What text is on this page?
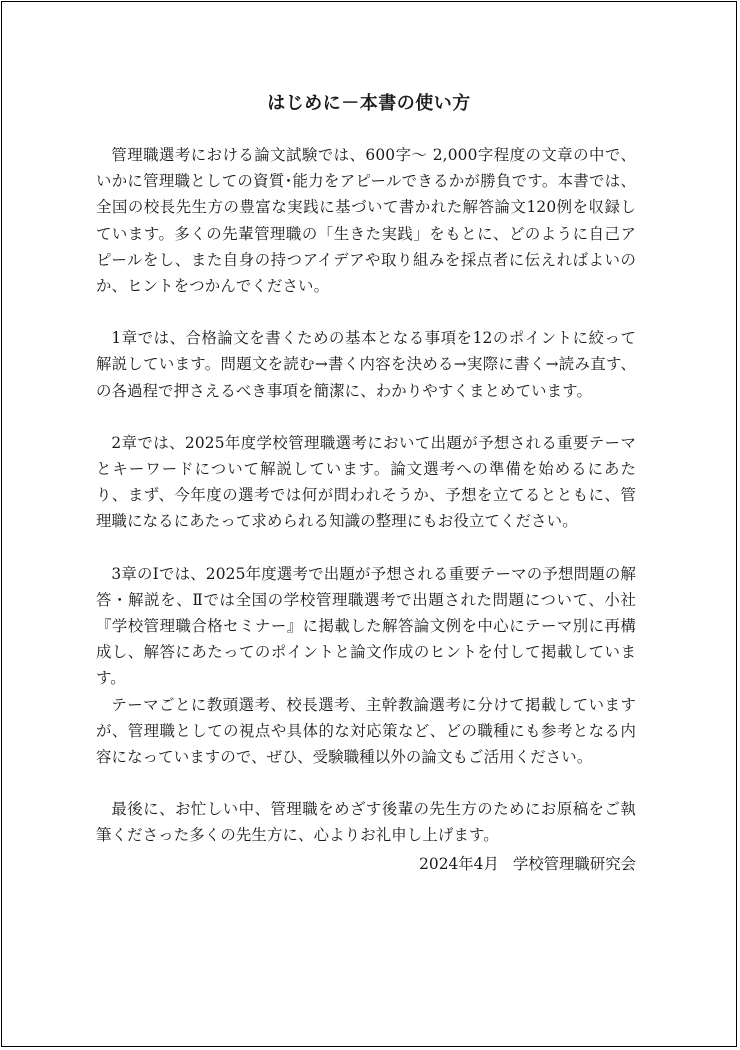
はじめに－本書の使い方

管理職選考における論文試験では、600字～ 2,000字程度の文章の中で、いかに管理職としての資質･能力をアピールできるかが勝負です。本書では、全国の校長先生方の豊富な実践に基づいて書かれた解答論文120例を収録しています。多くの先輩管理職の「生きた実践」をもとに、どのように自己アピールをし、また自身の持つアイデアや取り組みを採点者に伝えればよいのか、ヒントをつかんでください。

1章では、合格論文を書くための基本となる事項を12のポイントに絞って解説しています。問題文を読む→書く内容を決める→実際に書く→読み直す、の各過程で押さえるべき事項を簡潔に、わかりやすくまとめています。

2章では、2025年度学校管理職選考において出題が予想される重要テーマとキーワードについて解説しています。論文選考への準備を始めるにあたり、まず、今年度の選考では何が問われそうか、予想を立てるとともに、管理職になるにあたって求められる知識の整理にもお役立てください。

3章のⅠでは、2025年度選考で出題が予想される重要テーマの予想問題の解答・解説を、Ⅱでは全国の学校管理職選考で出題された問題について、小社『学校管理職合格セミナー』に掲載した解答論文例を中心にテーマ別に再構成し、解答にあたってのポイントと論文作成のヒントを付して掲載しています。

テーマごとに教頭選考、校長選考、主幹教論選考に分けて掲載していますが、管理職としての視点や具体的な対応策など、どの職種にも参考となる内容になっていますので、ぜひ、受験職種以外の論文もご活用ください。

最後に、お忙しい中、管理職をめざす後輩の先生方のためにお原稿をご執筆くださった多くの先生方に、心よりお礼申し上げます。

2024年4月 学校管理職研究会
